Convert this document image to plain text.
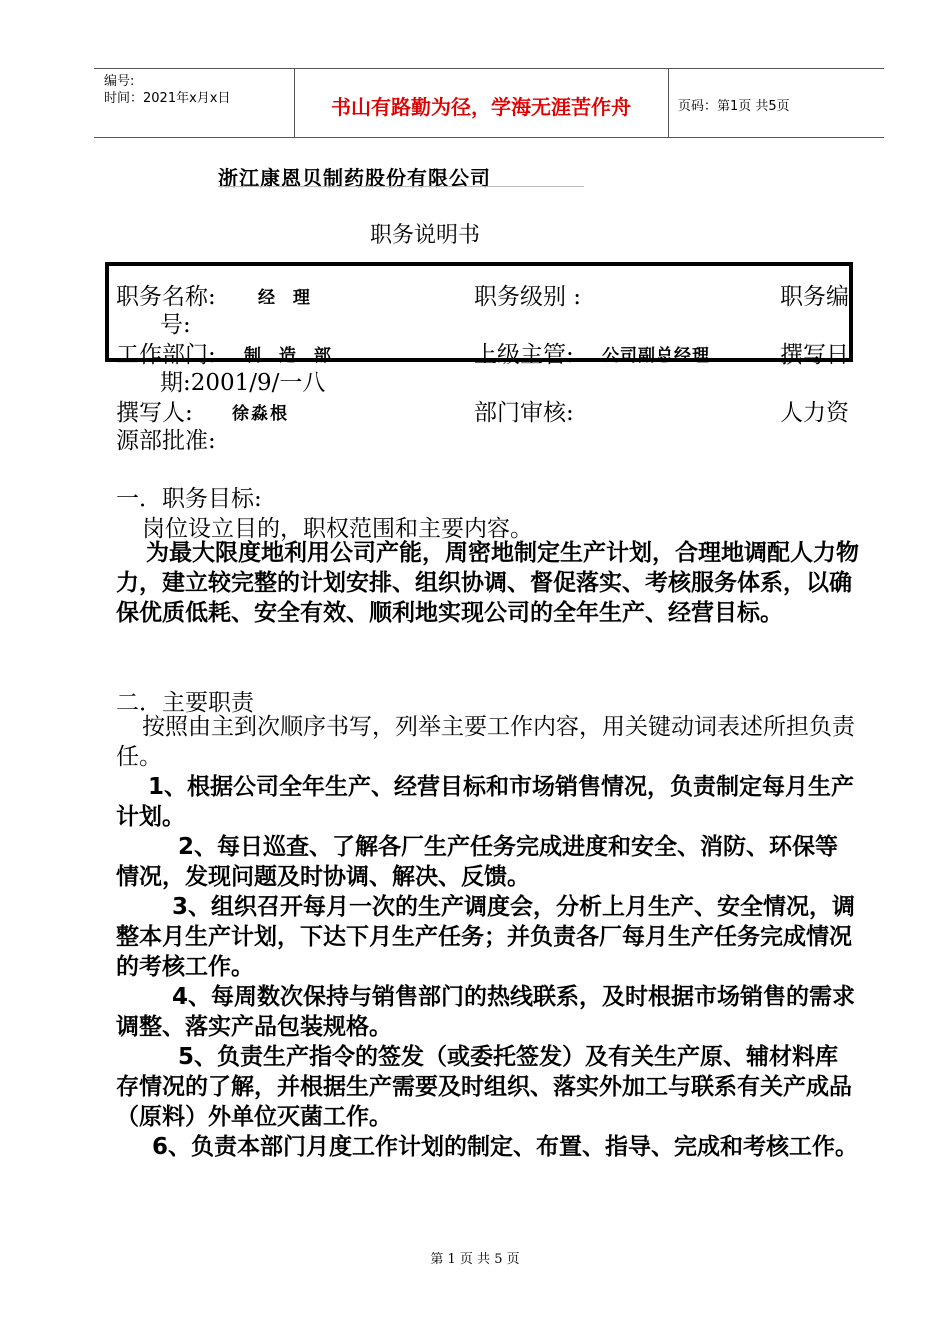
编号:
时间：2021年x月x日	书山有路勤为径，学海无涯苦作舟	页码：第1页 共5页
浙江康恩贝制药股份有限公司
职务说明书
职务名称: 经 理	职务级别 :	职务编
号:
工作部门: 制 造 部	上级主管: 公司副总经理	撰写日
期:2001/9/一八
撰写人: 徐淼根	部门审核:	人力资
源部批准:
一．职务目标:
岗位设立目的，职权范围和主要内容。
为最大限度地利用公司产能，周密地制定生产计划，合理地调配人力物力，建立较完整的计划安排、组织协调、督促落实、考核服务体系，以确保优质低耗、安全有效、顺利地实现公司的全年生产、经营目标。
二．主要职责
按照由主到次顺序书写，列举主要工作内容，用关键动词表述所担负责任。
1、根据公司全年生产、经营目标和市场销售情况，负责制定每月生产计划。
2、每日巡查、了解各厂生产任务完成进度和安全、消防、环保等情况，发现问题及时协调、解决、反馈。
3、组织召开每月一次的生产调度会，分析上月生产、安全情况，调整本月生产计划，下达下月生产任务；并负责各厂每月生产任务完成情况的考核工作。
4、每周数次保持与销售部门的热线联系，及时根据市场销售的需求调整、落实产品包装规格。
5、负责生产指令的签发（或委托签发）及有关生产原、辅材料库存情况的了解，并根据生产需要及时组织、落实外加工与联系有关产成品（原料）外单位灭菌工作。
6、负责本部门月度工作计划的制定、布置、指导、完成和考核工作。
第 1 页 共 5 页
